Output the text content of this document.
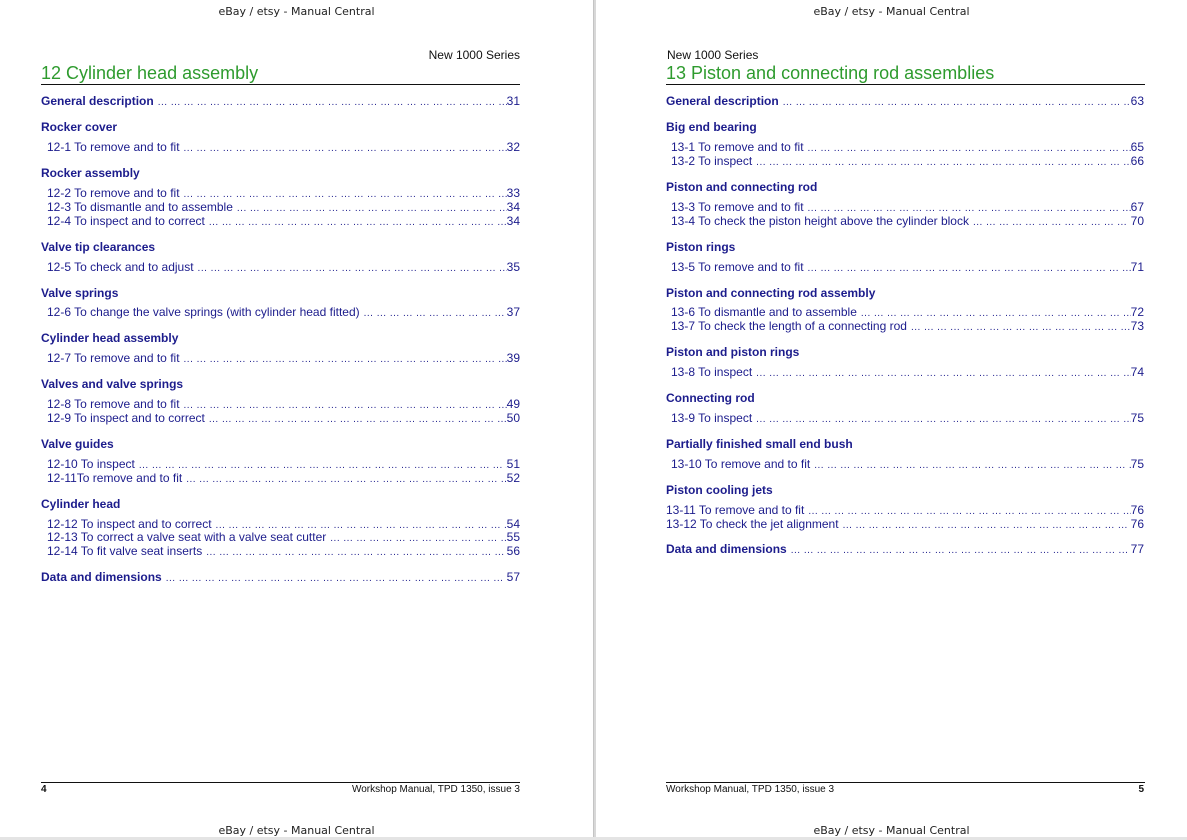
eBay / etsy - Manual Central
New 1000 Series
12 Cylinder head assembly
General description ... .	31
Rocker cover
12-1 To remove and to fit ... .	32
Rocker assembly
12-2 To remove and to fit ... .	33
12-3 To dismantle and to assemble ... .	34
12-4 To inspect and to correct ... .	34
Valve tip clearances
12-5 To check and to adjust ... .	35
Valve springs
12-6 To change the valve springs (with cylinder head fitted) ... .	37
Cylinder head assembly
12-7 To remove and to fit ... .	39
Valves and valve springs
12-8 To remove and to fit ... .	49
12-9 To inspect and to correct ... .	50
Valve guides
12-10 To inspect ... .	51
12-11To remove and to fit ... .	52
Cylinder head
12-12 To inspect and to correct ... .	54
12-13 To correct a valve seat with a valve seat cutter ... .	55
12-14 To fit valve seat inserts ... .	56
Data and dimensions ... .	57
4	Workshop Manual, TPD 1350, issue 3
eBay / etsy - Manual Central
eBay / etsy - Manual Central
New 1000 Series
13 Piston and connecting rod assemblies
General description ... .	63
Big end bearing
13-1 To remove and to fit ... .	65
13-2 To inspect ... .	66
Piston and connecting rod
13-3 To remove and to fit ... .	67
13-4 To check the piston height above the cylinder block ... .	70
Piston rings
13-5 To remove and to fit ... .	71
Piston and connecting rod assembly
13-6 To dismantle and to assemble ... .	72
13-7 To check the length of a connecting rod ... .	73
Piston and piston rings
13-8 To inspect ... .	74
Connecting rod
13-9 To inspect ... .	75
Partially finished small end bush
13-10 To remove and to fit ... .	75
Piston cooling jets
13-11 To remove and to fit ... .	76
13-12 To check the jet alignment ... .	76
Data and dimensions ... .	77
Workshop Manual, TPD 1350, issue 3	5
eBay / etsy - Manual Central
